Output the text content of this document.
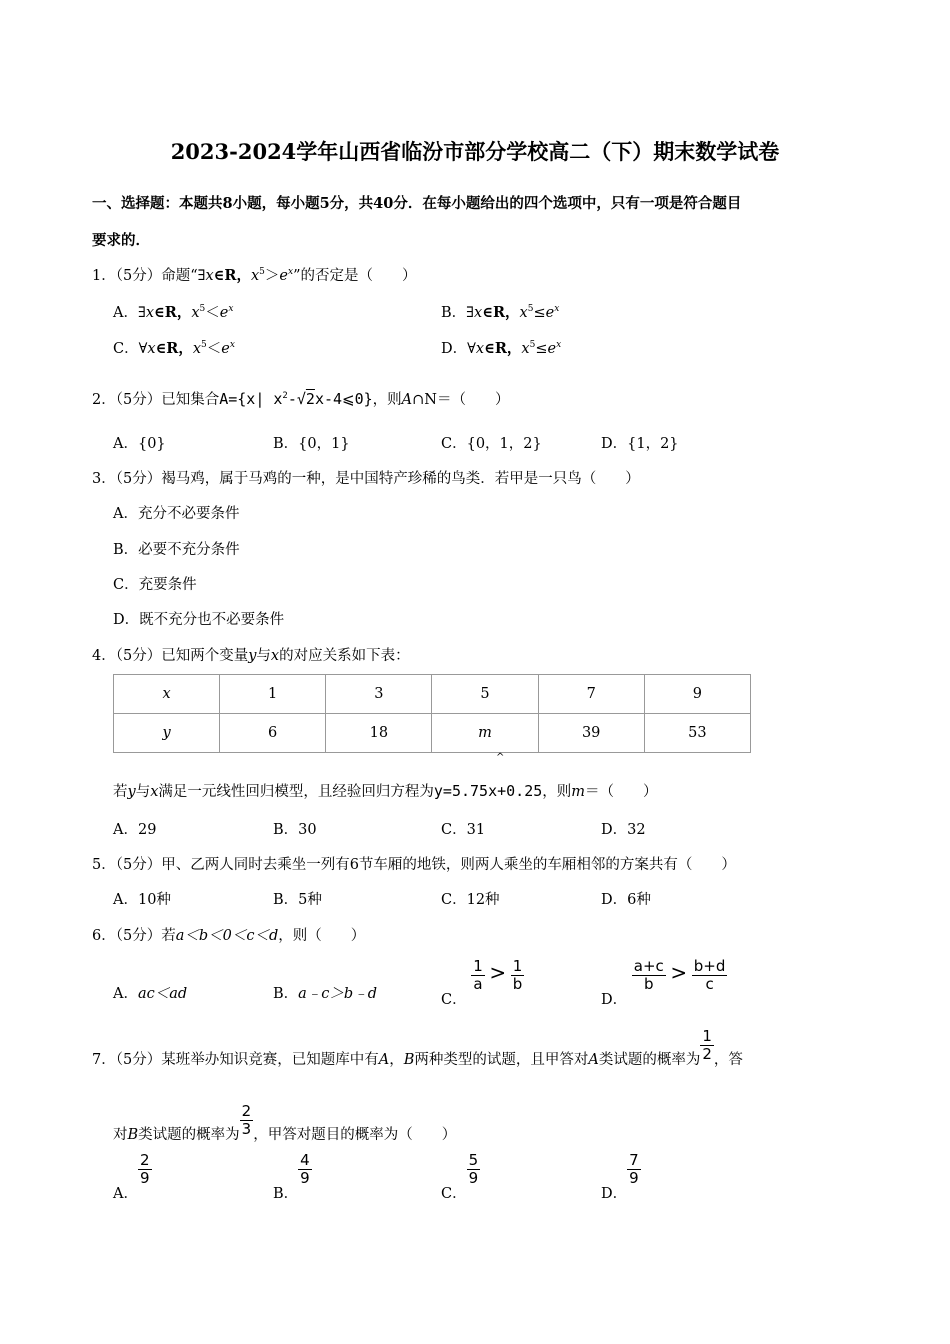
2023-2024学年山西省临汾市部分学校高二（下）期末数学试卷
一、选择题：本题共8小题，每小题5分，共40分．在每小题给出的四个选项中，只有一项是符合题目
要求的．
1．（5分）命题“∃x∈R，$x^5>e^x$”的否定是（　　）
A．∃x∈R，$x^5<e^x$	B．∃x∈R，$x^5\le e^x$
C．∀x∈R，$x^5<e^x$	D．∀x∈R，$x^5\le e^x$
2．（5分）已知集合A={x| $x^2-√2x-4⩽0$}，则A∩N＝（　　）
A．{0}	B．{0，1}	C．{0，1，2}	D．{1，2}
3．（5分）褐马鸡，属于马鸡的一种，是中国特产珍稀的鸟类．若甲是一只鸟（　　）
A．充分不必要条件
B．必要不充分条件
C．充要条件
D．既不充分也不必要条件
4．（5分）已知两个变量y与x的对应关系如下表：
x	1	3	5	7	9
y	6	18	m	39	53
^
若y与x满足一元线性回归模型，且经验回归方程为y=5.75x+0.25，则m＝（　　）
A．29	B．30	C．31	D．32
5．（5分）甲、乙两人同时去乘坐一列有6节车厢的地铁，则两人乘坐的车厢相邻的方案共有（　　）
A．10种	B．5种	C．12种	D．6种
6．（5分）若a＜b＜0＜c＜d，则（　　）
A．ac＜ad	B．a﹣c＞b﹣d	C．
$\frac{1}{a} > \frac{1}{b}$
D．
$\frac{a+c}{b} > \frac{b+d}{c}$
7．（5分）某班举办知识竞赛，已知题库中有A，B两种类型的试题，且甲答对A类试题的概率为 $\frac{1}{2}$ ，答
对B类试题的概率为 $\frac{2}{3}$ ，甲答对题目的概率为（　　）
A．
$\frac{2}{9}$
B．
$\frac{4}{9}$
C．
$\frac{5}{9}$
D．
$\frac{7}{9}$
